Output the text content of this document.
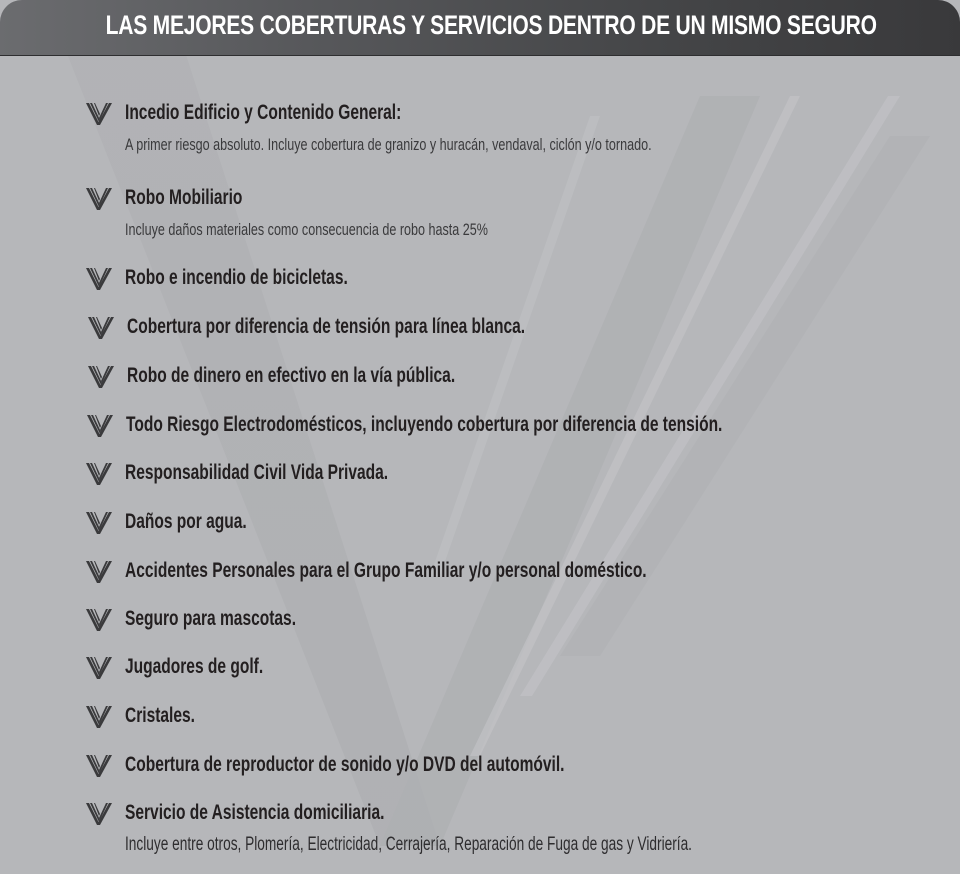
LAS MEJORES COBERTURAS Y SERVICIOS DENTRO DE UN MISMO SEGURO
Incedio Edificio y Contenido General:
A primer riesgo absoluto. Incluye cobertura de granizo y huracán, vendaval, ciclón y/o tornado.
Robo Mobiliario
Incluye daños materiales como consecuencia de robo hasta 25%
Robo e incendio de bicicletas.
Cobertura por diferencia de tensión para línea blanca.
Robo de dinero en efectivo en la vía pública.
Todo Riesgo Electrodomésticos, incluyendo cobertura por diferencia de tensión.
Responsabilidad Civil Vida Privada.
Daños por agua.
Accidentes Personales para el Grupo Familiar y/o personal doméstico.
Seguro para mascotas.
Jugadores de golf.
Cristales.
Cobertura de reproductor de sonido y/o DVD del automóvil.
Servicio de Asistencia domiciliaria.
Incluye entre otros, Plomería, Electricidad, Cerrajería, Reparación de Fuga de gas y Vidriería.
